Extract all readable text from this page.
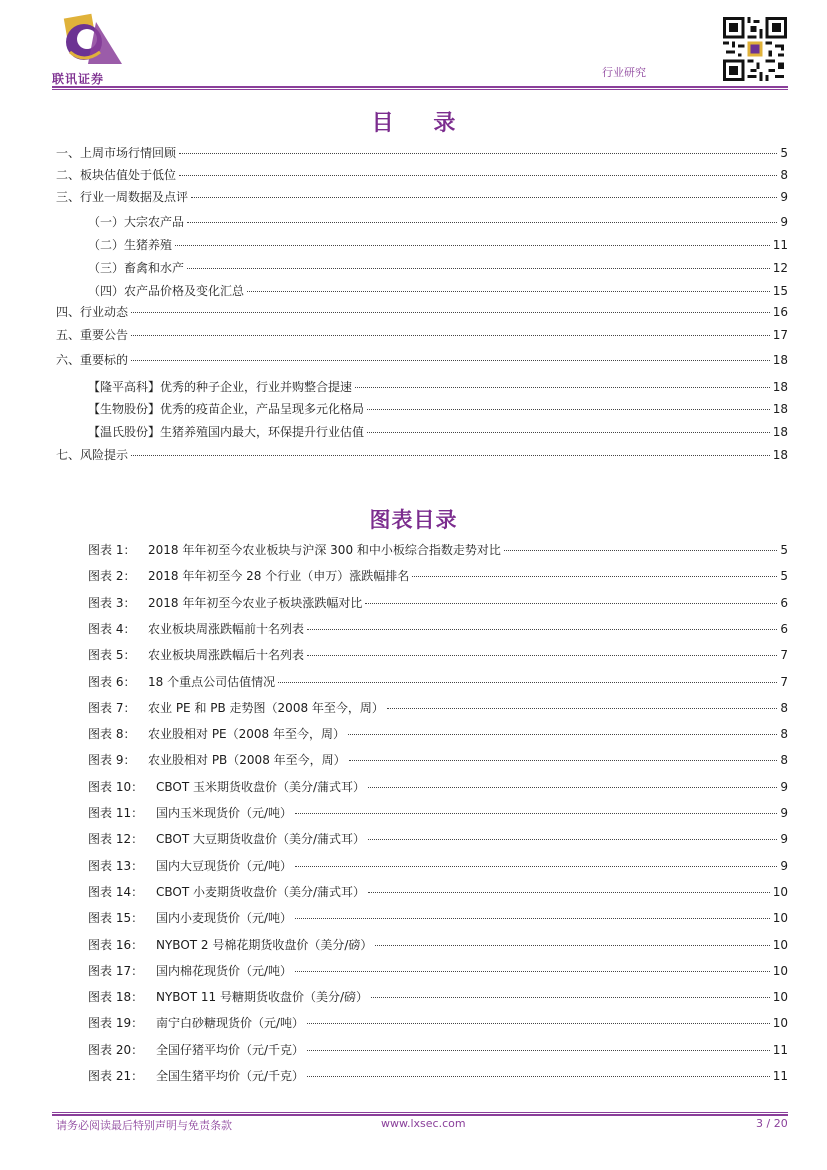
联讯证券	行业研究
目 录
一、上周市场行情回顾	5
二、板块估值处于低位	8
三、行业一周数据及点评	9
（一）大宗农产品	9
（二）生猪养殖	11
（三）畜禽和水产	12
（四）农产品价格及变化汇总	15
四、行业动态	16
五、重要公告	17
六、重要标的	18
【隆平高科】优秀的种子企业，行业并购整合提速	18
【生物股份】优秀的疫苗企业，产品呈现多元化格局	18
【温氏股份】生猪养殖国内最大，环保提升行业估值	18
七、风险提示	18
图表目录
图表 1：	2018 年年初至今农业板块与沪深 300 和中小板综合指数走势对比	5
图表 2：	2018 年年初至今 28 个行业（申万）涨跌幅排名	5
图表 3：	2018 年年初至今农业子板块涨跌幅对比	6
图表 4：	农业板块周涨跌幅前十名列表	6
图表 5：	农业板块周涨跌幅后十名列表	7
图表 6：	18 个重点公司估值情况	7
图表 7：	农业 PE 和 PB 走势图（2008 年至今，周）	8
图表 8：	农业股相对 PE（2008 年至今，周）	8
图表 9：	农业股相对 PB（2008 年至今，周）	8
图表 10：	CBOT 玉米期货收盘价（美分/蒲式耳）	9
图表 11：	国内玉米现货价（元/吨）	9
图表 12：	CBOT 大豆期货收盘价（美分/蒲式耳）	9
图表 13：	国内大豆现货价（元/吨）	9
图表 14：	CBOT 小麦期货收盘价（美分/蒲式耳）	10
图表 15：	国内小麦现货价（元/吨）	10
图表 16：	NYBOT 2 号棉花期货收盘价（美分/磅）	10
图表 17：	国内棉花现货价（元/吨）	10
图表 18：	NYBOT 11 号糖期货收盘价（美分/磅）	10
图表 19：	南宁白砂糖现货价（元/吨）	10
图表 20：	全国仔猪平均价（元/千克）	11
图表 21：	全国生猪平均价（元/千克）	11
请务必阅读最后特别声明与免责条款	www.lxsec.com	3 / 20
